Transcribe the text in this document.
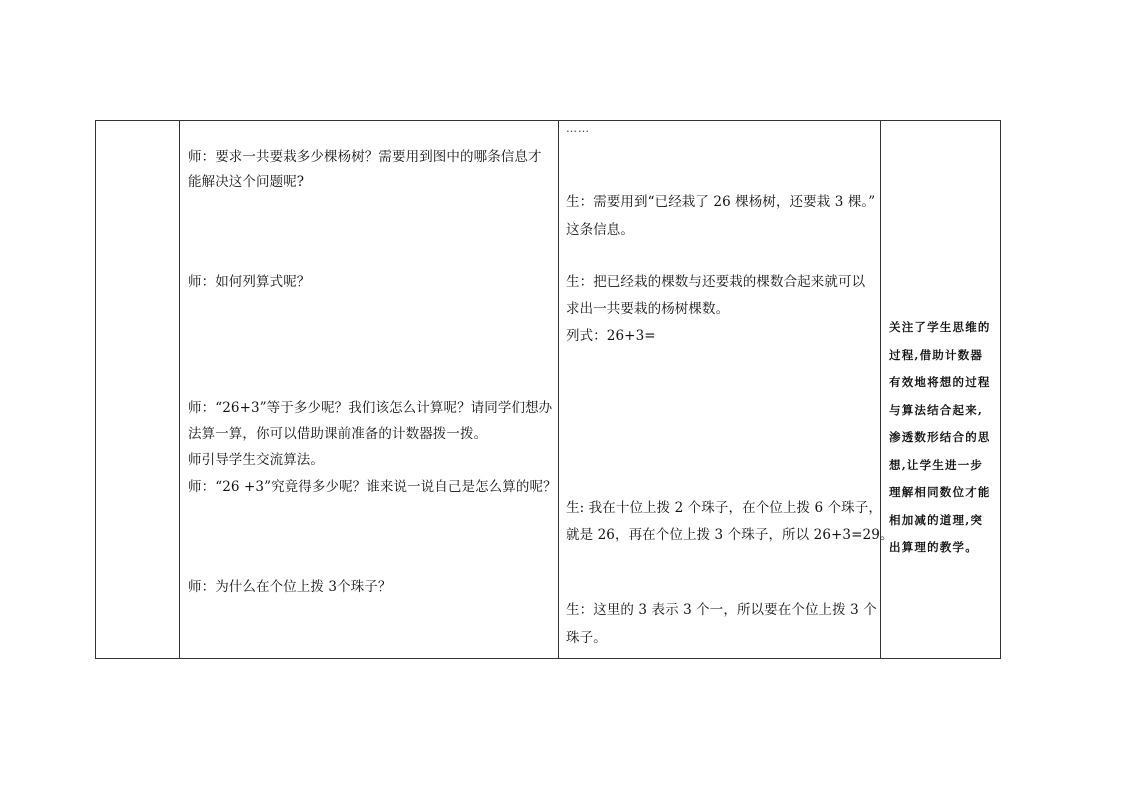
师：要求一共要栽多少棵杨树？需要用到图中的哪条信息才
能解决这个问题呢?
师：如何列算式呢？
师：“26+3”等于多少呢？我们该怎么计算呢？请同学们想办
法算一算，你可以借助课前准备的计数器拨一拨。
师引导学生交流算法。
师：“26 +3”究竟得多少呢？谁来说一说自己是怎么算的呢？
师：为什么在个位上拨 3个珠子？

……
生：需要用到“已经栽了 26 棵杨树，还要栽 3 棵。”
这条信息。
生：把已经栽的棵数与还要栽的棵数合起来就可以
求出一共要栽的杨树棵数。
列式：26+3=
生: 我在十位上拨 2 个珠子，在个位上拨 6 个珠子，
就是 26，再在个位上拨 3 个珠子，所以 26+3=29。
生：这里的 3 表示 3 个一，所以要在个位上拨 3 个
珠子。

关注了学生思维的过程,借助计数器有效地将想的过程与算法结合起来,渗透数形结合的思想,让学生进一步理解相同数位才能相加减的道理,突出算理的教学。
